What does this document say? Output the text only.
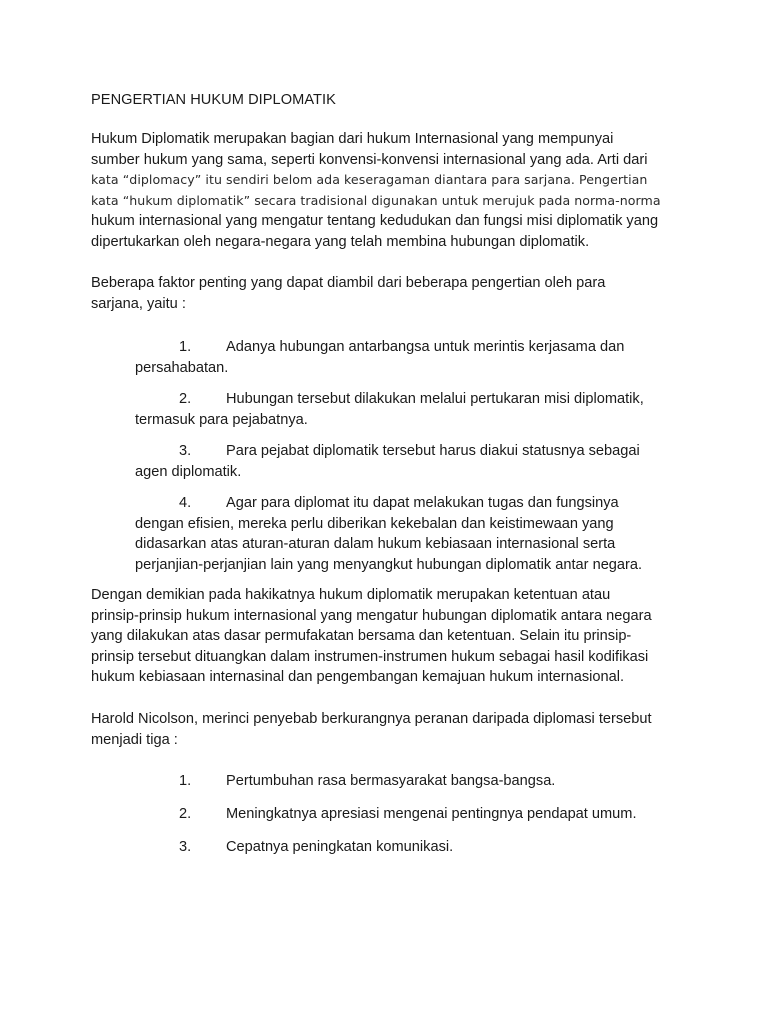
PENGERTIAN HUKUM DIPLOMATIK
Hukum Diplomatik merupakan bagian dari hukum Internasional yang mempunyai
sumber hukum yang sama, seperti konvensi-konvensi internasional yang ada. Arti dari
kata “diplomacy” itu sendiri belom ada keseragaman diantara para sarjana. Pengertian
kata “hukum diplomatik” secara tradisional digunakan untuk merujuk pada norma-norma
hukum internasional yang mengatur tentang kedudukan dan fungsi misi diplomatik yang
dipertukarkan oleh negara-negara yang telah membina hubungan diplomatik.
Beberapa faktor penting yang dapat diambil dari beberapa pengertian oleh para
sarjana, yaitu :
1. Adanya hubungan antarbangsa untuk merintis kerjasama dan
persahabatan.
2. Hubungan tersebut dilakukan melalui pertukaran misi diplomatik,
termasuk para pejabatnya.
3. Para pejabat diplomatik tersebut harus diakui statusnya sebagai
agen diplomatik.
4. Agar para diplomat itu dapat melakukan tugas dan fungsinya
dengan efisien, mereka perlu diberikan kekebalan dan keistimewaan yang
didasarkan atas aturan-aturan dalam hukum kebiasaan internasional serta
perjanjian-perjanjian lain yang menyangkut hubungan diplomatik antar negara.
Dengan demikian pada hakikatnya hukum diplomatik merupakan ketentuan atau
prinsip-prinsip hukum internasional yang mengatur hubungan diplomatik antara negara
yang dilakukan atas dasar permufakatan bersama dan ketentuan. Selain itu prinsip-
prinsip tersebut dituangkan dalam instrumen-instrumen hukum sebagai hasil kodifikasi
hukum kebiasaan internasinal dan pengembangan kemajuan hukum internasional.
Harold Nicolson, merinci penyebab berkurangnya peranan daripada diplomasi tersebut
menjadi tiga :
1. Pertumbuhan rasa bermasyarakat bangsa-bangsa.
2. Meningkatnya apresiasi mengenai pentingnya pendapat umum.
3. Cepatnya peningkatan komunikasi.
